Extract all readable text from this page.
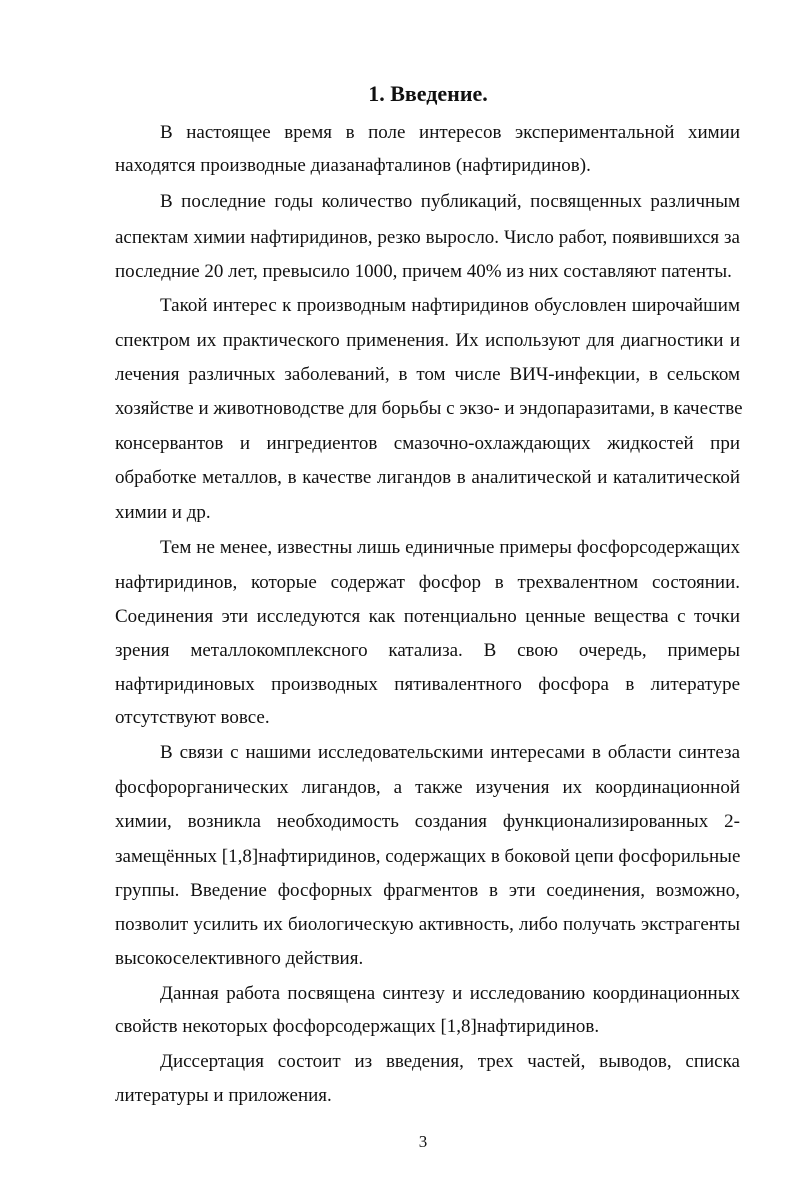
1. Введение.
В настоящее время в поле интересов экспериментальной химии
находятся производные диазанафталинов (нафтиридинов).
В последние годы количество публикаций, посвященных различным
аспектам химии нафтиридинов, резко выросло. Число работ, появившихся за
последние 20 лет, превысило 1000, причем 40% из них составляют патенты.
Такой интерес к производным нафтиридинов обусловлен широчайшим
спектром их практического применения. Их используют для диагностики и
лечения различных заболеваний, в том числе ВИЧ-инфекции, в сельском
хозяйстве и животноводстве для борьбы с экзо- и эндопаразитами, в качестве
консервантов и ингредиентов смазочно-охлаждающих жидкостей при
обработке металлов, в качестве лигандов в аналитической и каталитической
химии и др.
Тем не менее, известны лишь единичные примеры фосфорсодержащих
нафтиридинов, которые содержат фосфор в трехвалентном состоянии.
Соединения эти исследуются как потенциально ценные вещества с точки
зрения металлокомплексного катализа. В свою очередь, примеры
нафтиридиновых производных пятивалентного фосфора в литературе
отсутствуют вовсе.
В связи с нашими исследовательскими интересами в области синтеза
фосфорорганических лигандов, а также изучения их координационной
химии, возникла необходимость создания функционализированных 2-
замещённых [1,8]нафтиридинов, содержащих в боковой цепи фосфорильные
группы. Введение фосфорных фрагментов в эти соединения, возможно,
позволит усилить их биологическую активность, либо получать экстрагенты
высокоселективного действия.
Данная работа посвящена синтезу и исследованию координационных
свойств некоторых фосфорсодержащих [1,8]нафтиридинов.
Диссертация состоит из введения, трех частей, выводов, списка
литературы и приложения.
3
